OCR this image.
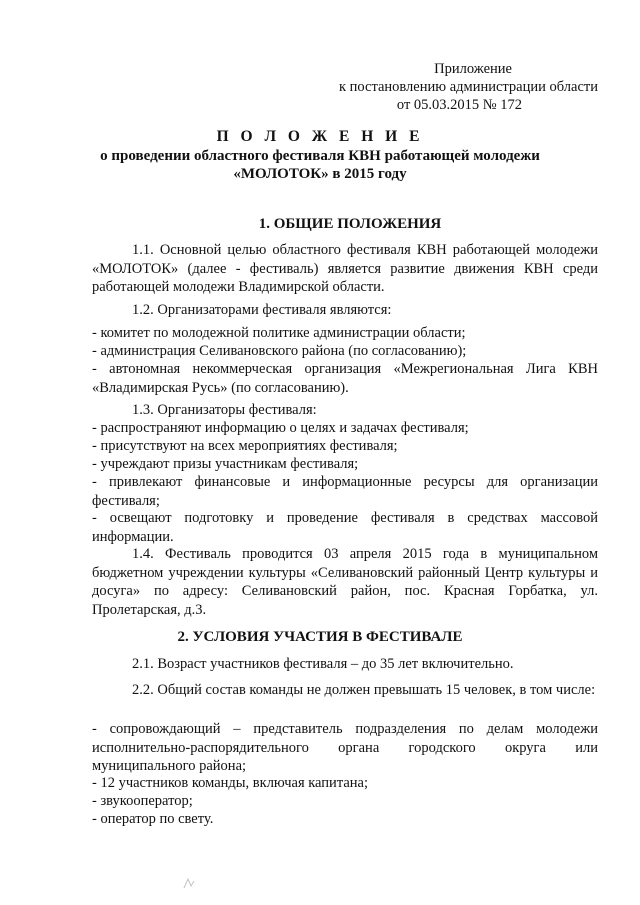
Приложение
к постановлению администрации области
от 05.03.2015 № 172
П О Л О Ж Е Н И Е
о проведении областного фестиваля КВН работающей молодежи
«МОЛОТОК» в 2015 году
1. ОБЩИЕ ПОЛОЖЕНИЯ
1.1. Основной целью областного фестиваля КВН работающей молодежи «МОЛОТОК» (далее - фестиваль) является развитие движения КВН среди работающей молодежи Владимирской области.
1.2. Организаторами фестиваля являются:
- комитет по молодежной политике администрации области;
- администрация Селивановского района (по согласованию);
- автономная некоммерческая организация «Межрегиональная Лига КВН «Владимирская Русь» (по согласованию).
1.3. Организаторы фестиваля:
- распространяют информацию о целях и задачах фестиваля;
- присутствуют на всех мероприятиях фестиваля;
- учреждают призы участникам фестиваля;
- привлекают финансовые и информационные ресурсы для организации фестиваля;
- освещают подготовку и проведение фестиваля в средствах массовой информации.
1.4. Фестиваль проводится 03 апреля 2015 года в муниципальном бюджетном учреждении культуры «Селивановский районный Центр культуры и досуга» по адресу: Селивановский район, пос. Красная Горбатка, ул. Пролетарская, д.3.
2. УСЛОВИЯ УЧАСТИЯ В ФЕСТИВАЛЕ
2.1. Возраст участников фестиваля – до 35 лет включительно.
2.2. Общий состав команды не должен превышать 15 человек, в том числе:
- сопровождающий – представитель подразделения по делам молодежи исполнительно-распорядительного органа городского округа или муниципального района;
- 12 участников команды, включая капитана;
- звукооператор;
- оператор по свету.
